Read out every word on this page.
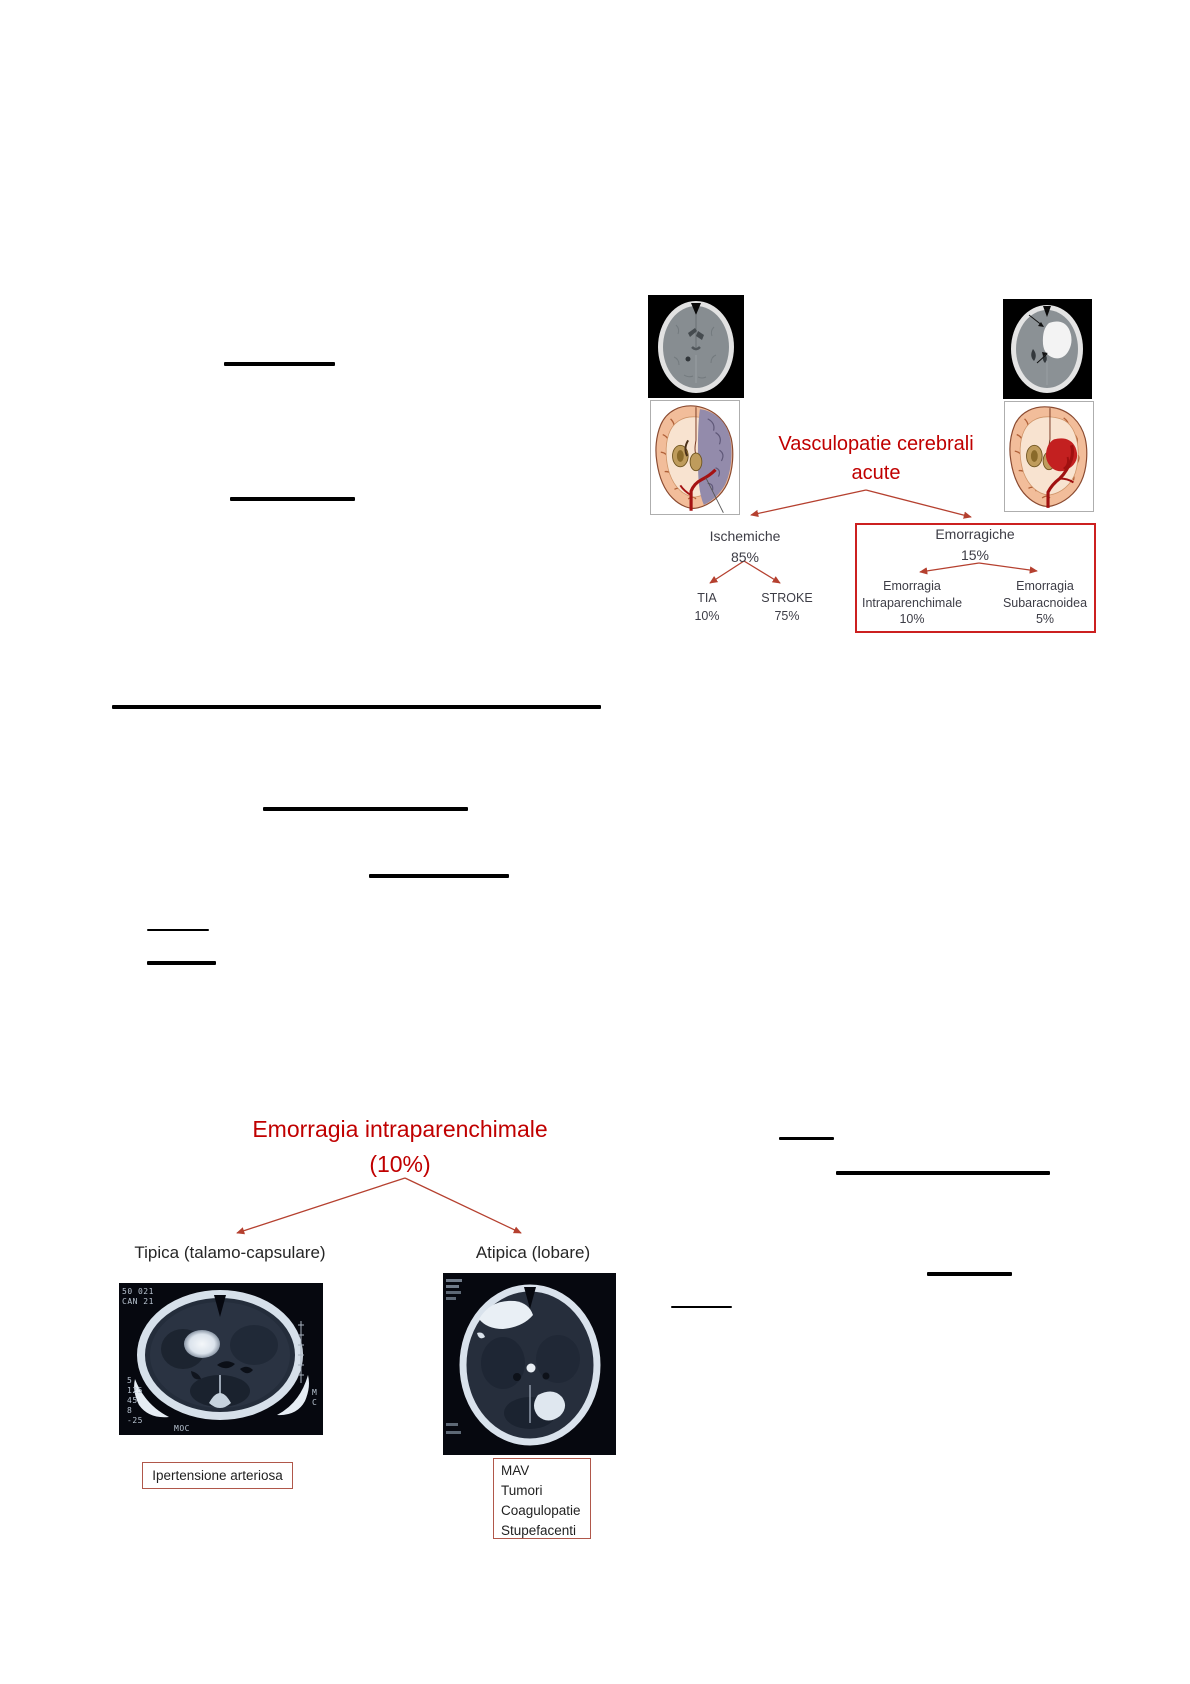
Vasculopatie cerebrali
acute
Ischemiche
85%
Emorragiche
15%
TIA
10%
STROKE
75%
Emorragia
Intraparenchimale
10%
Emorragia
Subaracnoidea
5%
Emorragia intraparenchimale
(10%)
Tipica (talamo-capsulare)	Atipica (lobare)
50 021
CAN 21
5
125
45
8
-25
MOC
M
C
Ipertensione arteriosa	MAV
Tumori
Coagulopatie
Stupefacenti
